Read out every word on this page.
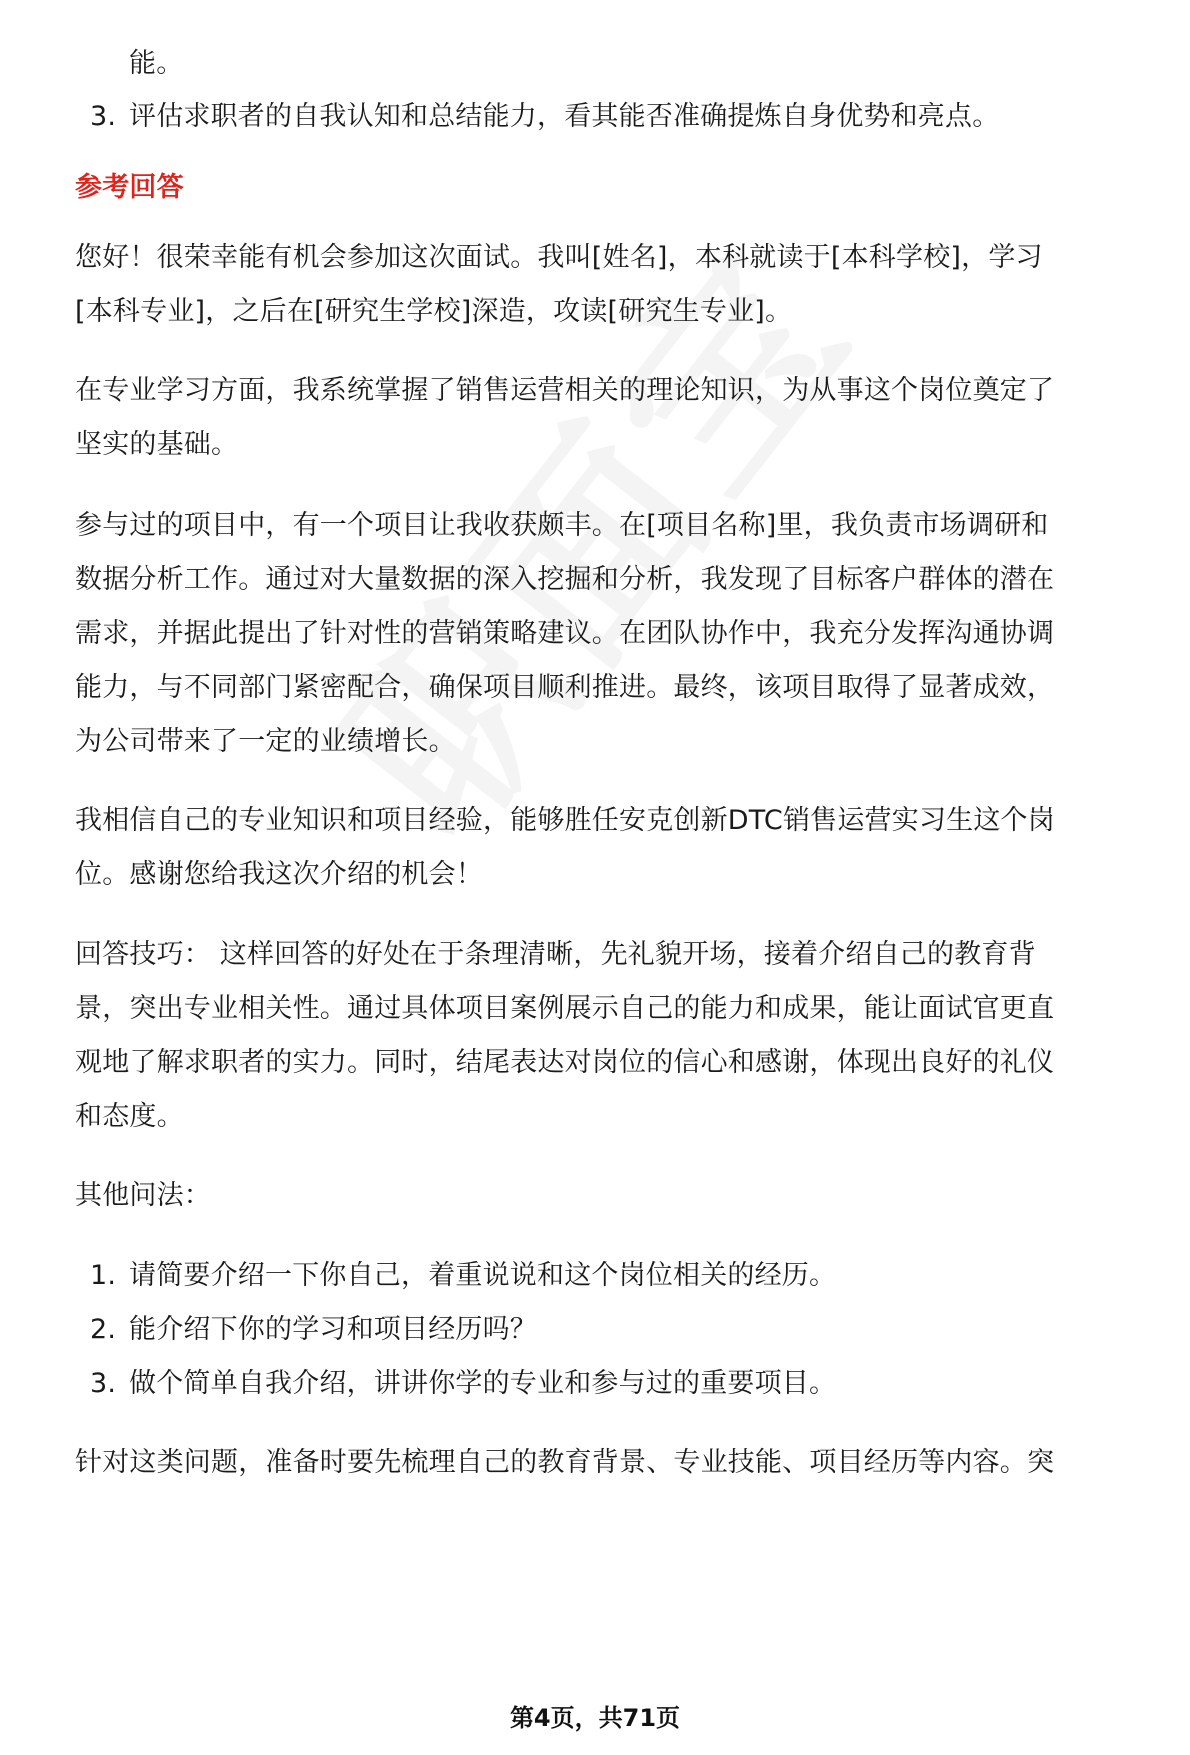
能。
3. 评估求职者的自我认知和总结能力，看其能否准确提炼自身优势和亮点。
参考回答
您好！很荣幸能有机会参加这次面试。我叫[姓名]，本科就读于[本科学校]，学习
[本科专业]，之后在[研究生学校]深造，攻读[研究生专业]。
在专业学习方面，我系统掌握了销售运营相关的理论知识，为从事这个岗位奠定了
坚实的基础。
参与过的项目中，有一个项目让我收获颇丰。在[项目名称]里，我负责市场调研和
数据分析工作。通过对大量数据的深入挖掘和分析，我发现了目标客户群体的潜在
需求，并据此提出了针对性的营销策略建议。在团队协作中，我充分发挥沟通协调
能力，与不同部门紧密配合，确保项目顺利推进。最终，该项目取得了显著成效，
为公司带来了一定的业绩增长。
我相信自己的专业知识和项目经验，能够胜任安克创新DTC销售运营实习生这个岗
位。感谢您给我这次介绍的机会！
回答技巧： 这样回答的好处在于条理清晰，先礼貌开场，接着介绍自己的教育背
景，突出专业相关性。通过具体项目案例展示自己的能力和成果，能让面试官更直
观地了解求职者的实力。同时，结尾表达对岗位的信心和感谢，体现出良好的礼仪
和态度。
其他问法：
1. 请简要介绍一下你自己，着重说说和这个岗位相关的经历。
2. 能介绍下你的学习和项目经历吗？
3. 做个简单自我介绍，讲讲你学的专业和参与过的重要项目。
针对这类问题，准备时要先梳理自己的教育背景、专业技能、项目经历等内容。突
第4页，共71页
